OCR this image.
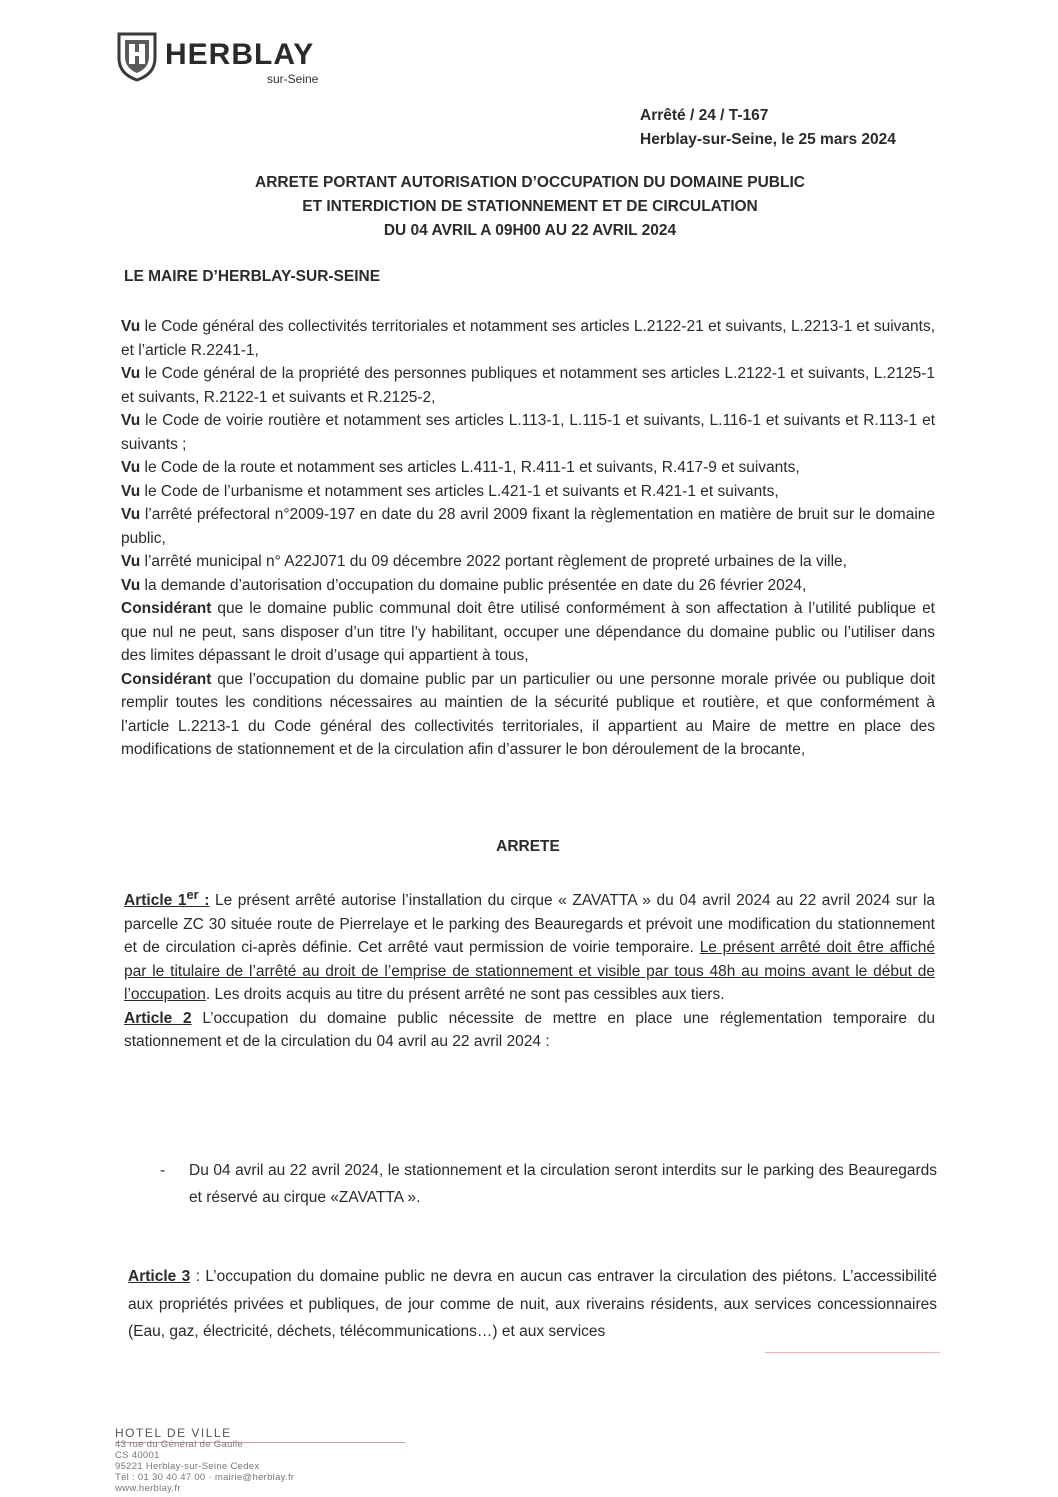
HERBLAY
sur-Seine
Arrêté / 24 / T-167
Herblay-sur-Seine, le 25 mars 2024
ARRETE PORTANT AUTORISATION D’OCCUPATION DU DOMAINE PUBLIC
ET INTERDICTION DE STATIONNEMENT ET DE CIRCULATION
DU 04 AVRIL A 09H00 AU 22 AVRIL 2024
LE MAIRE D’HERBLAY-SUR-SEINE

Vu le Code général des collectivités territoriales et notamment ses articles L.2122-21 et suivants, L.2213-1 et suivants, et l’article R.2241-1,

Vu le Code général de la propriété des personnes publiques et notamment ses articles L.2122-1 et suivants, L.2125-1 et suivants, R.2122-1 et suivants et R.2125-2,

Vu le Code de voirie routière et notamment ses articles L.113-1, L.115-1 et suivants, L.116-1 et suivants et R.113-1 et suivants ;

Vu le Code de la route et notamment ses articles L.411-1, R.411-1 et suivants, R.417-9 et suivants,

Vu le Code de l’urbanisme et notamment ses articles L.421-1 et suivants et R.421-1 et suivants,

Vu l’arrêté préfectoral n°2009-197 en date du 28 avril 2009 fixant la règlementation en matière de bruit sur le domaine public,

Vu l’arrêté municipal n° A22J071 du 09 décembre 2022 portant règlement de propreté urbaines de la ville,

Vu la demande d’autorisation d’occupation du domaine public présentée en date du 26 février 2024,

Considérant que le domaine public communal doit être utilisé conformément à son affectation à l’utilité publique et que nul ne peut, sans disposer d’un titre l’y habilitant, occuper une dépendance du domaine public ou l’utiliser dans des limites dépassant le droit d’usage qui appartient à tous,

Considérant que l’occupation du domaine public par un particulier ou une personne morale privée ou publique doit remplir toutes les conditions nécessaires au maintien de la sécurité publique et routière, et que conformément à l’article L.2213-1 du Code général des collectivités territoriales, il appartient au Maire de mettre en place des modifications de stationnement et de la circulation afin d’assurer le bon déroulement de la brocante,

ARRETE

Article 1er : Le présent arrêté autorise l’installation du cirque « ZAVATTA » du 04 avril 2024 au 22 avril 2024 sur la parcelle ZC 30 située route de Pierrelaye et le parking des Beauregards et prévoit une modification du stationnement et de circulation ci-après définie. Cet arrêté vaut permission de voirie temporaire. Le présent arrêté doit être affiché par le titulaire de l’arrêté au droit de l’emprise de stationnement et visible par tous 48h au moins avant le début de l’occupation. Les droits acquis au titre du présent arrêté ne sont pas cessibles aux tiers.

Article 2 L’occupation du domaine public nécessite de mettre en place une réglementation temporaire du stationnement et de la circulation du 04 avril au 22 avril 2024 :

- Du 04 avril au 22 avril 2024, le stationnement et la circulation seront interdits sur le parking des Beauregards et réservé au cirque «ZAVATTA ».

Article 3 : L’occupation du domaine public ne devra en aucun cas entraver la circulation des piétons. L’accessibilité aux propriétés privées et publiques, de jour comme de nuit, aux riverains résidents, aux services concessionnaires (Eau, gaz, électricité, déchets, télécommunications…) et aux services

HOTEL DE VILLE
43 rue du Général de Gaulle
CS 40001
95221 Herblay-sur-Seine Cedex
Tél : 01 30 40 47 00 · mairie@herblay.fr
www.herblay.fr
